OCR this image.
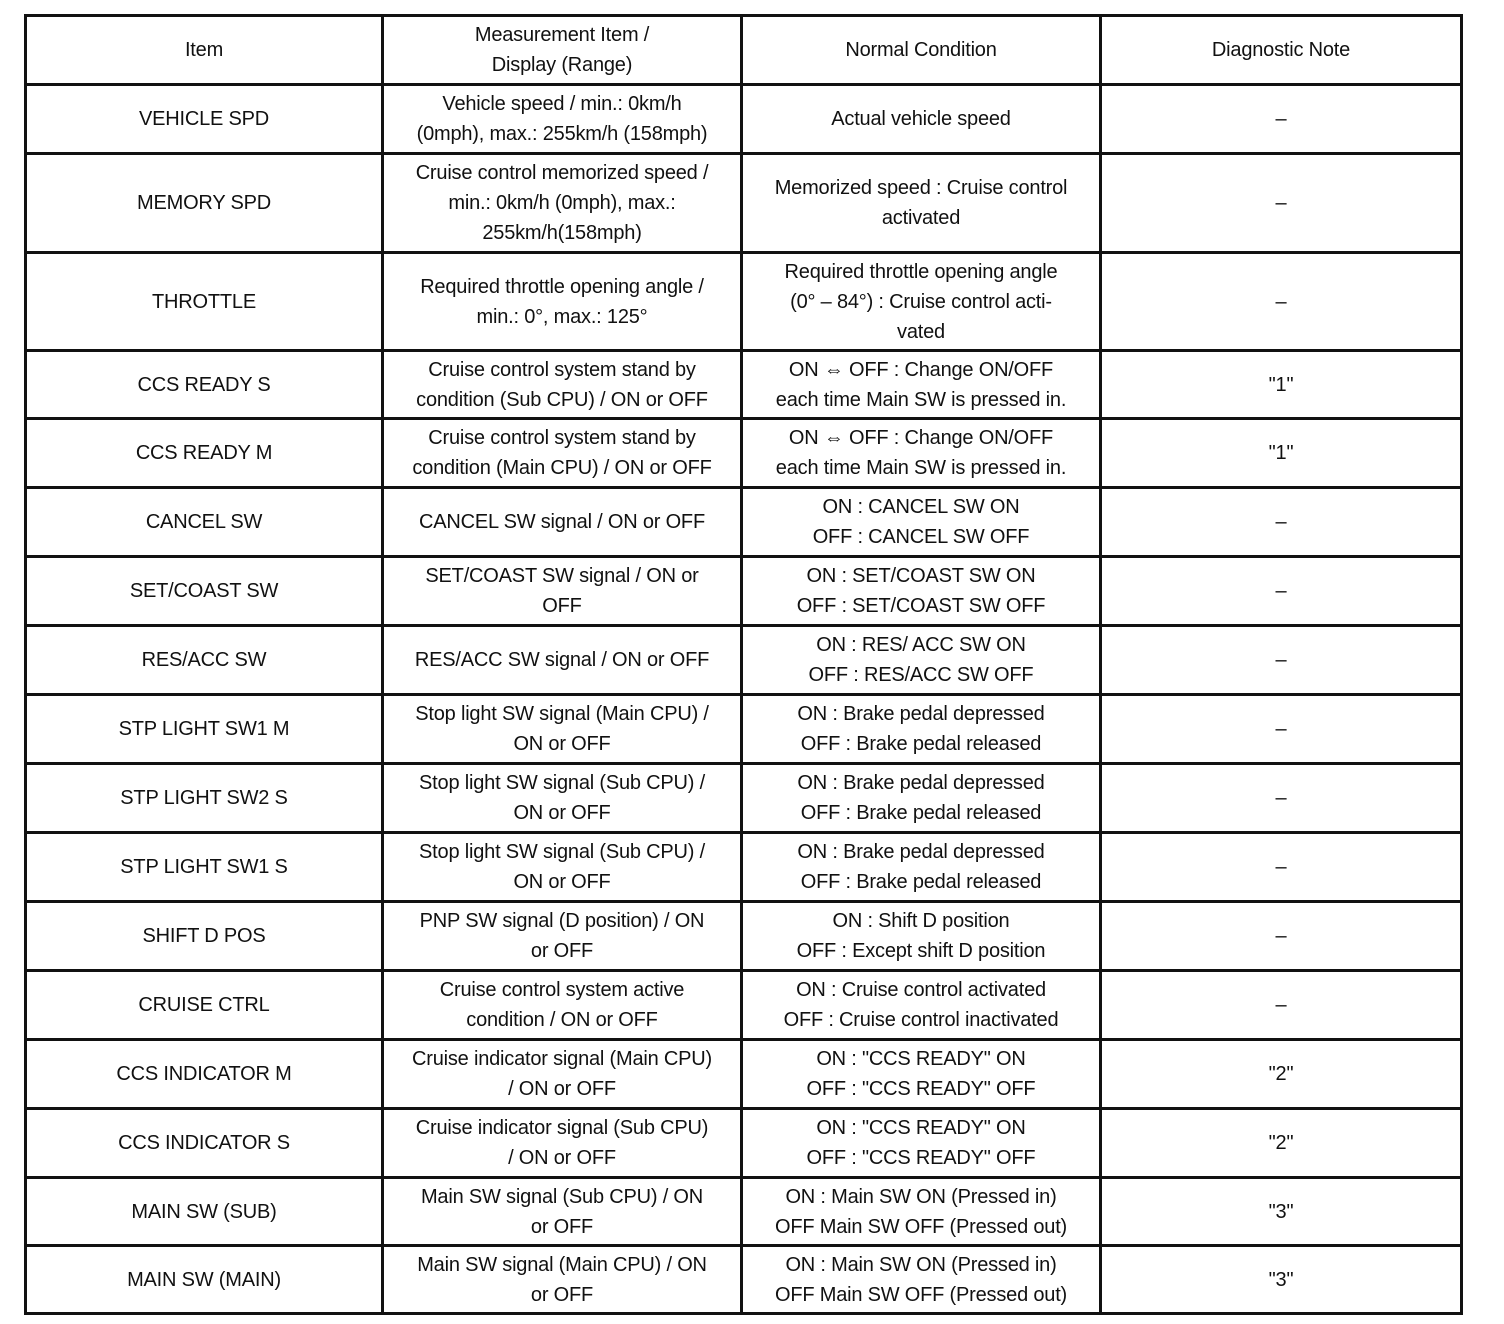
Item	Measurement Item /
Display (Range)	Normal Condition	Diagnostic Note

VEHICLE SPD	Vehicle speed / min.: 0km/h
(0mph), max.: 255km/h (158mph)	Actual vehicle speed	–

MEMORY SPD	Cruise control memorized speed /
min.: 0km/h (0mph), max.:
255km/h(158mph)	Memorized speed : Cruise control
activated	–

THROTTLE	Required throttle opening angle /
min.: 0°, max.: 125°	Required throttle opening angle
(0° – 84°) : Cruise control acti-
vated	–

CCS READY S	Cruise control system stand by
condition (Sub CPU) / ON or OFF	ON ⇔ OFF : Change ON/OFF
each time Main SW is pressed in.	"1"

CCS READY M	Cruise control system stand by
condition (Main CPU) / ON or OFF	ON ⇔ OFF : Change ON/OFF
each time Main SW is pressed in.	"1"

CANCEL SW	CANCEL SW signal / ON or OFF	ON : CANCEL SW ON
OFF : CANCEL SW OFF	–

SET/COAST SW	SET/COAST SW signal / ON or
OFF	ON : SET/COAST SW ON
OFF : SET/COAST SW OFF	–

RES/ACC SW	RES/ACC SW signal / ON or OFF	ON : RES/ ACC SW ON
OFF : RES/ACC SW OFF	–

STP LIGHT SW1 M	Stop light SW signal (Main CPU) /
ON or OFF	ON : Brake pedal depressed
OFF : Brake pedal released	–

STP LIGHT SW2 S	Stop light SW signal (Sub CPU) /
ON or OFF	ON : Brake pedal depressed
OFF : Brake pedal released	–

STP LIGHT SW1 S	Stop light SW signal (Sub CPU) /
ON or OFF	ON : Brake pedal depressed
OFF : Brake pedal released	–

SHIFT D POS	PNP SW signal (D position) / ON
or OFF	ON : Shift D position
OFF : Except shift D position	–

CRUISE CTRL	Cruise control system active
condition / ON or OFF	ON : Cruise control activated
OFF : Cruise control inactivated	–

CCS INDICATOR M	Cruise indicator signal (Main CPU)
/ ON or OFF	ON : "CCS READY" ON
OFF : "CCS READY" OFF	"2"

CCS INDICATOR S	Cruise indicator signal (Sub CPU)
/ ON or OFF	ON : "CCS READY" ON
OFF : "CCS READY" OFF	"2"

MAIN SW (SUB)	Main SW signal (Sub CPU) / ON
or OFF	ON : Main SW ON (Pressed in)
OFF Main SW OFF (Pressed out)	"3"

MAIN SW (MAIN)	Main SW signal (Main CPU) / ON
or OFF	ON : Main SW ON (Pressed in)
OFF Main SW OFF (Pressed out)	"3"
